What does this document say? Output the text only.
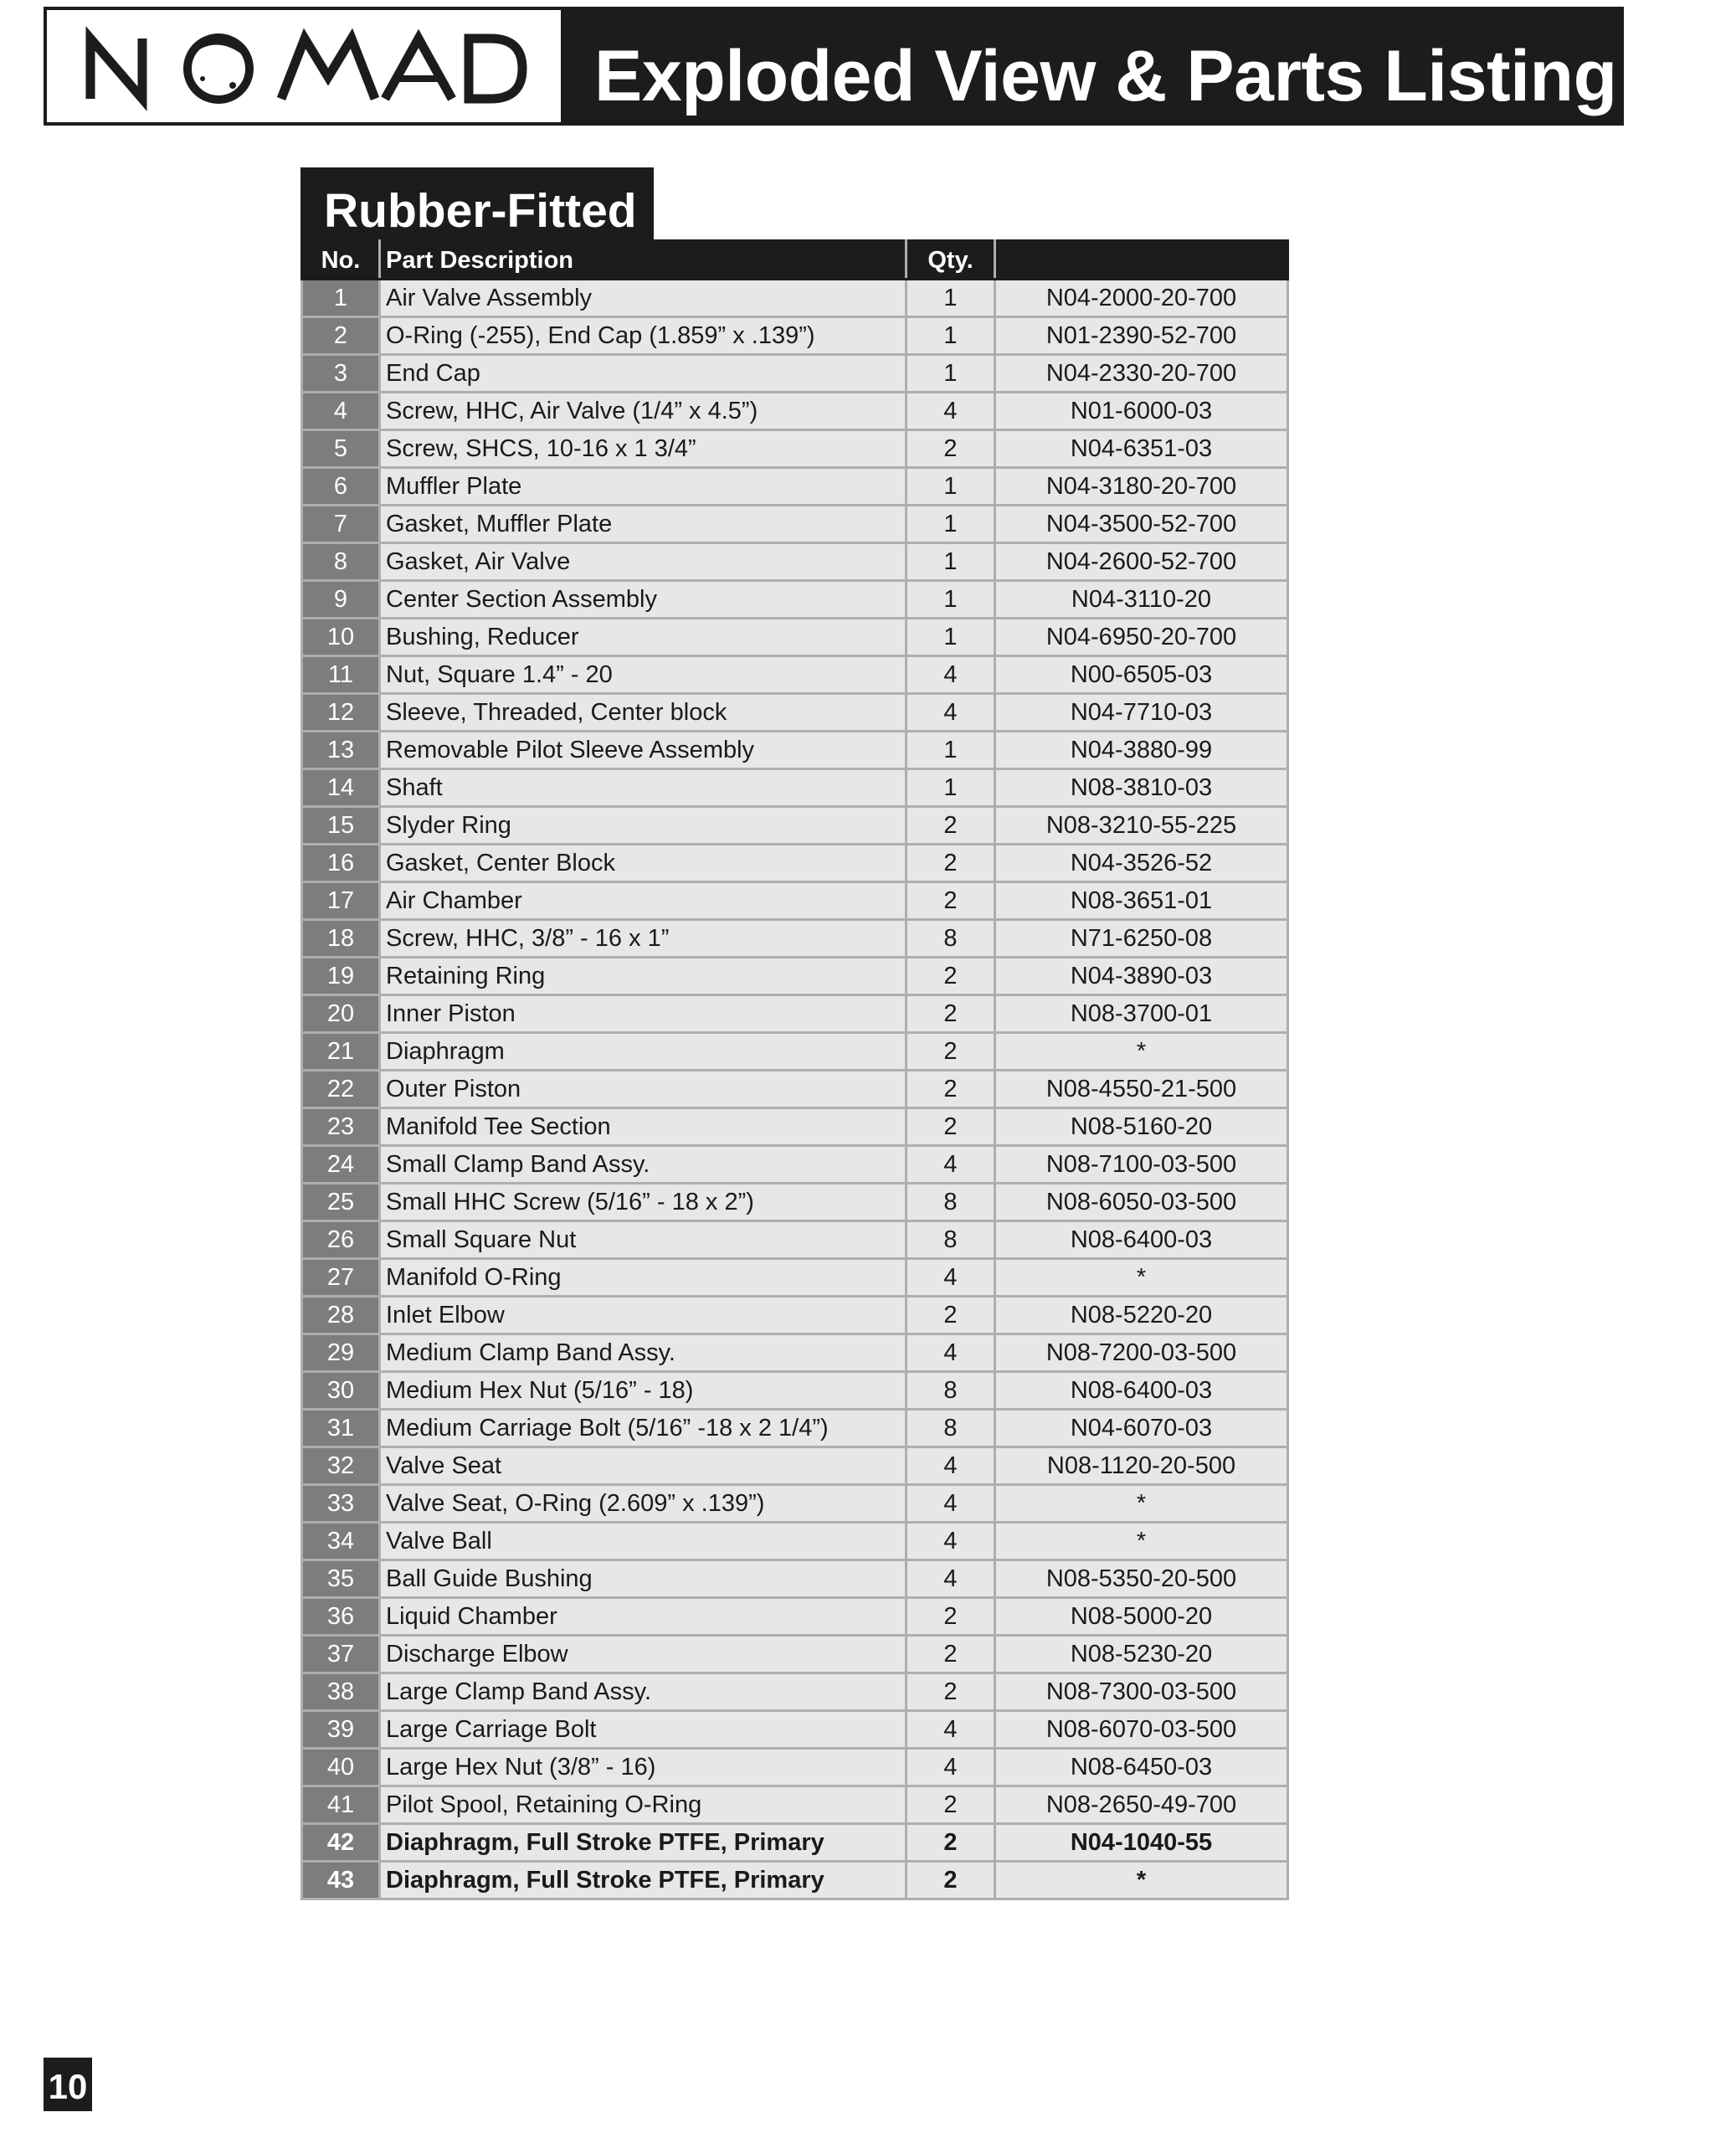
Exploded View & Parts Listing
Rubber-Fitted
No.	Part Description	Qty.	
1	Air Valve Assembly	1	N04-2000-20-700
2	O-Ring (-255), End Cap (1.859” x .139”)	1	N01-2390-52-700
3	End Cap	1	N04-2330-20-700
4	Screw, HHC, Air Valve (1/4” x 4.5”)	4	N01-6000-03
5	Screw, SHCS, 10-16 x 1 3/4”	2	N04-6351-03
6	Muffler Plate	1	N04-3180-20-700
7	Gasket, Muffler Plate	1	N04-3500-52-700
8	Gasket, Air Valve	1	N04-2600-52-700
9	Center Section Assembly	1	N04-3110-20
10	Bushing, Reducer	1	N04-6950-20-700
11	Nut, Square 1.4” - 20	4	N00-6505-03
12	Sleeve, Threaded, Center block	4	N04-7710-03
13	Removable Pilot Sleeve Assembly	1	N04-3880-99
14	Shaft	1	N08-3810-03
15	Slyder Ring	2	N08-3210-55-225
16	Gasket, Center Block	2	N04-3526-52
17	Air Chamber	2	N08-3651-01
18	Screw, HHC, 3/8” - 16 x 1”	8	N71-6250-08
19	Retaining Ring	2	N04-3890-03
20	Inner Piston	2	N08-3700-01
21	Diaphragm	2	*
22	Outer Piston	2	N08-4550-21-500
23	Manifold Tee Section	2	N08-5160-20
24	Small Clamp Band Assy.	4	N08-7100-03-500
25	Small HHC Screw (5/16” - 18 x 2”)	8	N08-6050-03-500
26	Small Square Nut	8	N08-6400-03
27	Manifold O-Ring	4	*
28	Inlet Elbow	2	N08-5220-20
29	Medium Clamp Band Assy.	4	N08-7200-03-500
30	Medium Hex Nut (5/16” - 18)	8	N08-6400-03
31	Medium Carriage Bolt (5/16” -18 x 2 1/4”)	8	N04-6070-03
32	Valve Seat	4	N08-1120-20-500
33	Valve Seat, O-Ring (2.609” x .139”)	4	*
34	Valve Ball	4	*
35	Ball Guide Bushing	4	N08-5350-20-500
36	Liquid Chamber	2	N08-5000-20
37	Discharge Elbow	2	N08-5230-20
38	Large Clamp Band Assy.	2	N08-7300-03-500
39	Large Carriage Bolt	4	N08-6070-03-500
40	Large Hex Nut (3/8” - 16)	4	N08-6450-03
41	Pilot Spool, Retaining O-Ring	2	N08-2650-49-700
42	Diaphragm, Full Stroke PTFE, Primary	2	N04-1040-55
43	Diaphragm, Full Stroke PTFE, Primary	2	*
10
